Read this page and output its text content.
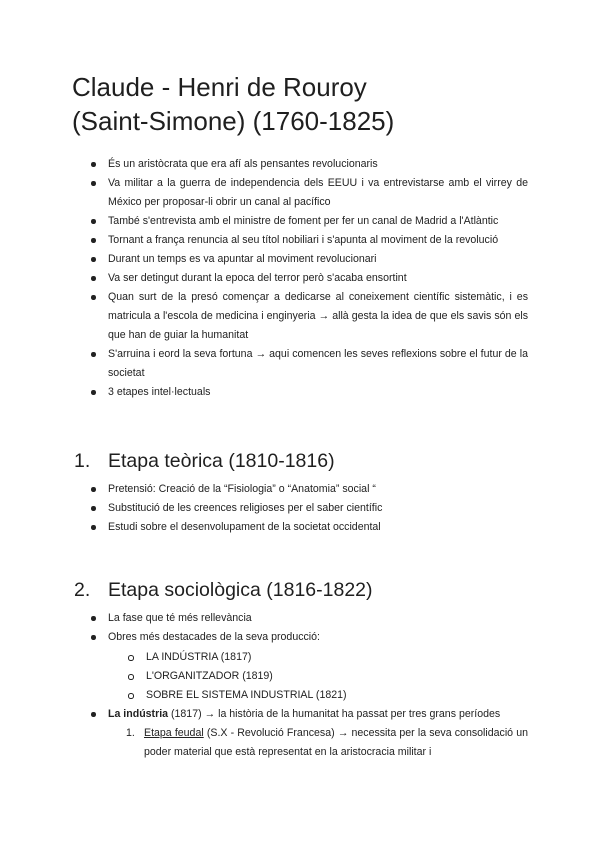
Claude - Henri de Rouroy
(Saint-Simone) (1760-1825)
És un aristòcrata que era afí als pensantes revolucionaris
Va militar a la guerra de independencia dels EEUU i va entrevistarse amb el virrey de México per proposar-li obrir un canal al pacífico
També s'entrevista amb el ministre de foment per fer un canal de Madrid a l'Atlàntic
Tornant a frança renuncia al seu títol nobiliari i s'apunta al moviment de la revolució
Durant un temps es va apuntar al moviment revolucionari
Va ser detingut durant la epoca del terror però s'acaba ensortint
Quan surt de la presó començar a dedicarse al coneixement científic sistemàtic, i es matricula a l'escola de medicina i enginyeria → allà gesta la idea de que els savis són els que han de guiar la humanitat
S'arruina i eord la seva fortuna → aqui comencen les seves reflexions sobre el futur de la societat
3 etapes intel·lectuals
1. Etapa teòrica (1810-1816)
Pretensió: Creació de la “Fisiologia” o “Anatomia” social “
Substitució de les creences religioses per el saber científic
Estudi sobre el desenvolupament de la societat occidental
2. Etapa sociològica (1816-1822)
La fase que té més rellevància
Obres més destacades de la seva producció:
LA INDÚSTRIA (1817)
L'ORGANITZADOR (1819)
SOBRE EL SISTEMA INDUSTRIAL (1821)
La indústria (1817) → la història de la humanitat ha passat per tres grans períodes
1. Etapa feudal (S.X - Revolució Francesa) → necessita per la seva consolidació un poder material que està representat en la aristocracia militar i
